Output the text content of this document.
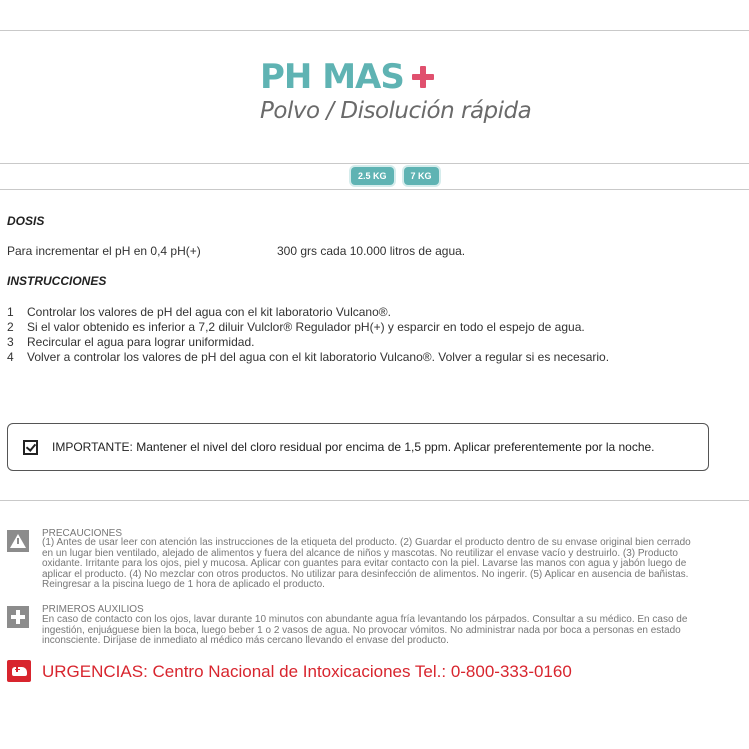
PH MAS
Polvo / Disolución rápida
2.5 KG	7 KG
DOSIS
Para incrementar el pH en 0,4 pH(+)	300 grs cada 10.000 litros de agua.
INSTRUCCIONES
1	Controlar los valores de pH del agua con el kit laboratorio Vulcano®.
2	Si el valor obtenido es inferior a 7,2 diluir Vulclor® Regulador pH(+) y esparcir en todo el espejo de agua.
3	Recircular el agua para lograr uniformidad.
4	Volver a controlar los valores de pH del agua con el kit laboratorio Vulcano®. Volver a regular si es necesario.
IMPORTANTE: Mantener el nivel del cloro residual por encima de 1,5 ppm. Aplicar preferentemente por la noche.
PRECAUCIONES
(1) Antes de usar leer con atención las instrucciones de la etiqueta del producto. (2) Guardar el producto dentro de su envase original bien cerrado en un lugar bien ventilado, alejado de alimentos y fuera del alcance de niños y mascotas. No reutilizar el envase vacío y destruirlo. (3) Producto oxidante. Irritante para los ojos, piel y mucosa. Aplicar con guantes para evitar contacto con la piel. Lavarse las manos con agua y jabón luego de aplicar el producto. (4) No mezclar con otros productos. No utilizar para desinfección de alimentos. No ingerir. (5) Aplicar en ausencia de bañistas. Reingresar a la piscina luego de 1 hora de aplicado el producto.
PRIMEROS AUXILIOS
En caso de contacto con los ojos, lavar durante 10 minutos con abundante agua fría levantando los párpados. Consultar a su médico. En caso de ingestión, enjuáguese bien la boca, luego beber 1 o 2 vasos de agua. No provocar vómitos. No administrar nada por boca a personas en estado inconsciente. Diríjase de inmediato al médico más cercano llevando el envase del producto.
URGENCIAS: Centro Nacional de Intoxicaciones Tel.: 0-800-333-0160
